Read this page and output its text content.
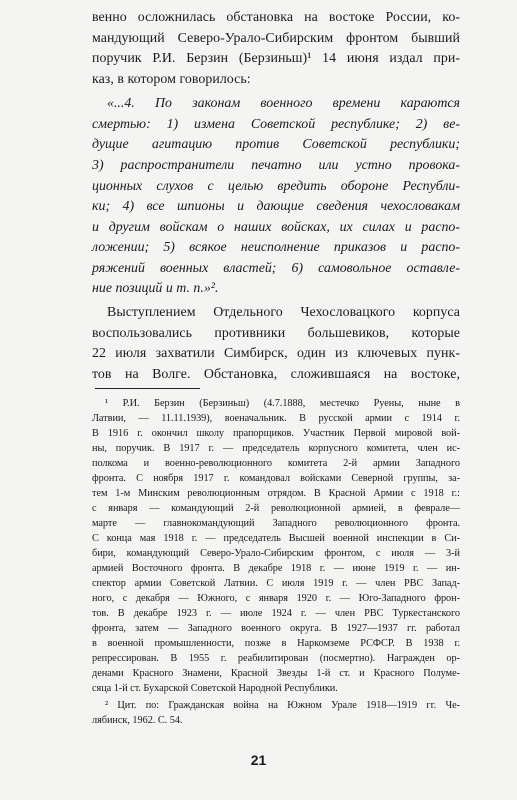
венно осложнилась обстановка на востоке России, ко-
мандующий Северо-Урало-Сибирским фронтом бывший
поручик Р.И. Берзин (Берзиньш)¹ 14 июня издал при-
каз, в котором говорилось:
«...4. По законам военного времени караются
смертью: 1) измена Советской республике; 2) ве-
дущие агитацию против Советской республики;
3) распространители печатно или устно провока-
ционных слухов с целью вредить обороне Республи-
ки; 4) все шпионы и дающие сведения чехословакам
и другим войскам о наших войсках, их силах и распо-
ложении; 5) всякое неисполнение приказов и распо-
ряжений военных властей; 6) самовольное оставле-
ние позиций и т. п.»².
Выступлением Отдельного Чехословацкого корпуса
воспользовались противники большевиков, которые
22 июля захватили Симбирск, один из ключевых пунк-
тов на Волге. Обстановка, сложившаяся на востоке,
¹ Р.И. Берзин (Берзиньш) (4.7.1888, местечко Руены, ныне в
Латвии, — 11.11.1939), военачальник. В русской армии с 1914 г.
В 1916 г. окончил школу прапорщиков. Участник Первой мировой вой-
ны, поручик. В 1917 г. — председатель корпусного комитета, член ис-
полкома и военно-революционного комитета 2-й армии Западного
фронта. С ноября 1917 г. командовал войсками Северной группы, за-
тем 1-м Минским революционным отрядом. В Красной Армии с 1918 г.:
с января — командующий 2-й революционной армией, в феврале—
марте — главнокомандующий Западного революционного фронта.
С конца мая 1918 г. — председатель Высшей военной инспекции в Си-
бири, командующий Северо-Урало-Сибирским фронтом, с июля — 3-й
армией Восточного фронта. В декабре 1918 г. — июне 1919 г. — ин-
спектор армии Советской Латвии. С июля 1919 г. — член РВС Запад-
ного, с декабря — Южного, с января 1920 г. — Юго-Западного фрон-
тов. В декабре 1923 г. — июле 1924 г. — член РВС Туркестанского
фронта, затем — Западного военного округа. В 1927—1937 гг. работал
в военной промышленности, позже в Наркомземе РСФСР. В 1938 г.
репрессирован. В 1955 г. реабилитирован (посмертно). Награжден ор-
денами Красного Знамени, Красной Звезды 1-й ст. и Красного Полуме-
сяца 1-й ст. Бухарской Советской Народной Республики.
² Цит. по: Гражданская война на Южном Урале 1918—1919 гг. Че-
лябинск, 1962. С. 54.
21
